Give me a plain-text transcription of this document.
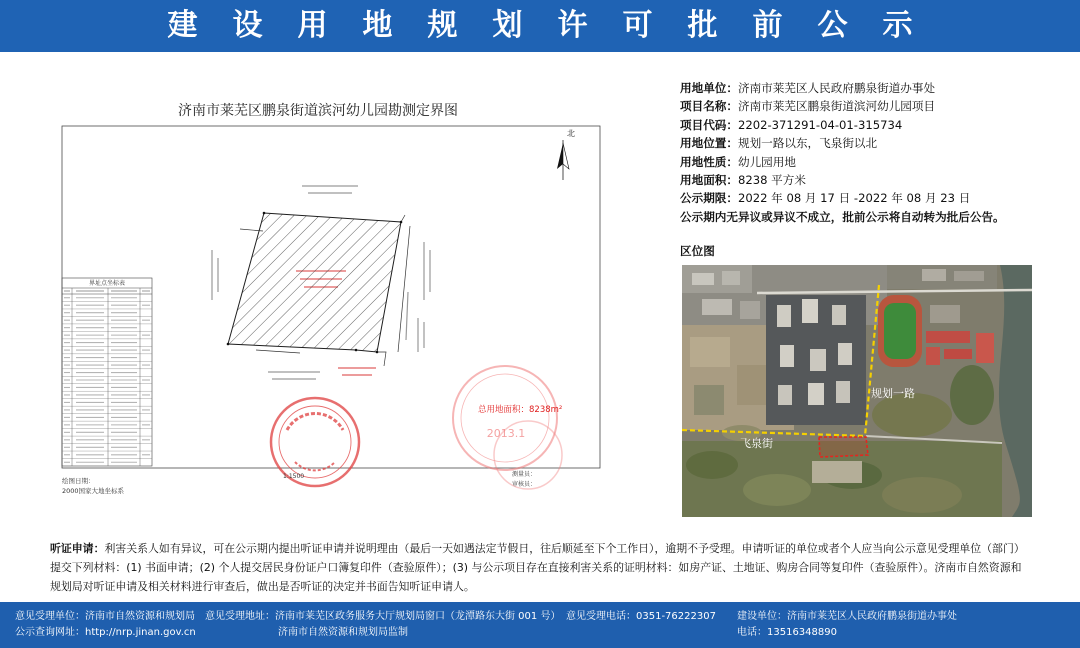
建设用地规划许可批前公示
济南市莱芜区鹏泉街道滨河幼儿园勘测定界图
北
界址点坐标表
2013.1
总用地面积：8238m²
1:1500
绘图日期：
2000国家大地坐标系
测量员：
审核员：
用地单位：济南市莱芜区人民政府鹏泉街道办事处
项目名称：济南市莱芜区鹏泉街道滨河幼儿园项目
项目代码：2202-371291-04-01-315734
用地位置：规划一路以东，飞泉街以北
用地性质：幼儿园用地
用地面积：8238 平方米
公示期限：2022 年 08 月 17 日 -2022 年 08 月 23 日
公示期内无异议或异议不成立，批前公示将自动转为批后公告。
区位图
规划一路
飞泉街
听证申请：利害关系人如有异议，可在公示期内提出听证申请并说明理由（最后一天如遇法定节假日，往后顺延至下个工作日），逾期不予受理。申请听证的单位或者个人应当向公示意见受理单位（部门）
提交下列材料：(1) 书面申请；(2) 个人提交居民身份证户口簿复印件（查验原件）；(3) 与公示项目存在直接利害关系的证明材料：如房产证、土地证、购房合同等复印件（查验原件）。济南市自然资源和
规划局对听证申请及相关材料进行审查后，做出是否听证的决定并书面告知听证申请人。
意见受理单位：济南市自然资源和规划局 意见受理地址：济南市莱芜区政务服务大厅规划局窗口（龙潭路东大街 001 号） 意见受理电话：0351-76222307 建设单位：济南市莱芜区人民政府鹏泉街道办事处
公示查询网址：http://nrp.jinan.gov.cn	济南市自然资源和规划局监制	电话：13516348890
